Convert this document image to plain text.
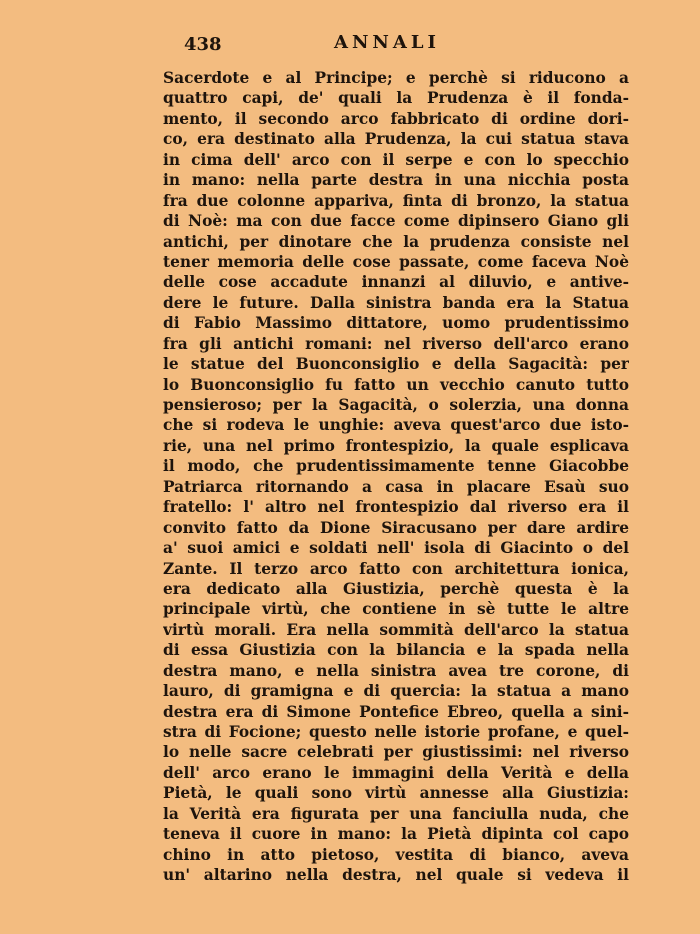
438	ANNALI
Sacerdote e al Principe; e perchè si riducono a
quattro capi, de' quali la Prudenza è il fonda-
mento, il secondo arco fabbricato di ordine dori-
co, era destinato alla Prudenza, la cui statua stava
in cima dell' arco con il serpe e con lo specchio
in mano: nella parte destra in una nicchia posta
fra due colonne appariva, finta di bronzo, la statua
di Noè: ma con due facce come dipinsero Giano gli
antichi, per dinotare che la prudenza consiste nel
tener memoria delle cose passate, come faceva Noè
delle cose accadute innanzi al diluvio, e antive-
dere le future. Dalla sinistra banda era la Statua
di Fabio Massimo dittatore, uomo prudentissimo
fra gli antichi romani: nel riverso dell'arco erano
le statue del Buonconsiglio e della Sagacità: per
lo Buonconsiglio fu fatto un vecchio canuto tutto
pensieroso; per la Sagacità, o solerzia, una donna
che si rodeva le unghie: aveva quest'arco due isto-
rie, una nel primo frontespizio, la quale esplicava
il modo, che prudentissimamente tenne Giacobbe
Patriarca ritornando a casa in placare Esaù suo
fratello: l' altro nel frontespizio dal riverso era il
convito fatto da Dione Siracusano per dare ardire
a' suoi amici e soldati nell' isola di Giacinto o del
Zante. Il terzo arco fatto con architettura ionica,
era dedicato alla Giustizia, perchè questa è la
principale virtù, che contiene in sè tutte le altre
virtù morali. Era nella sommità dell'arco la statua
di essa Giustizia con la bilancia e la spada nella
destra mano, e nella sinistra avea tre corone, di
lauro, di gramigna e di quercia: la statua a mano
destra era di Simone Pontefice Ebreo, quella a sini-
stra di Focione; questo nelle istorie profane, e quel-
lo nelle sacre celebrati per giustissimi: nel riverso
dell' arco erano le immagini della Verità e della
Pietà, le quali sono virtù annesse alla Giustizia:
la Verità era figurata per una fanciulla nuda, che
teneva il cuore in mano: la Pietà dipinta col capo
chino in atto pietoso, vestita di bianco, aveva
un' altarino nella destra, nel quale si vedeva il
